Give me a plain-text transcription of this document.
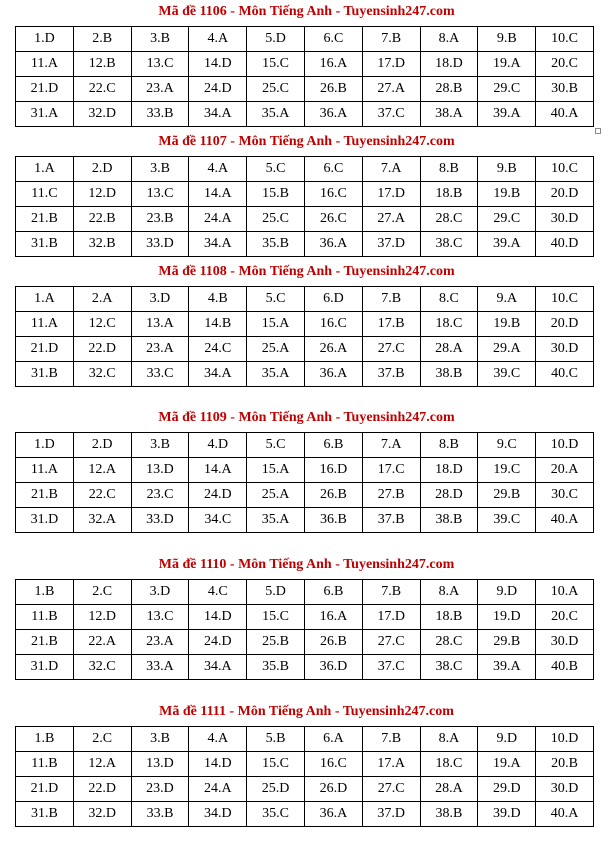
Mã đề 1106 - Môn Tiếng Anh - Tuyensinh247.com
1.D	2.B	3.B	4.A	5.D	6.C	7.B	8.A	9.B	10.C
11.A	12.B	13.C	14.D	15.C	16.A	17.D	18.D	19.A	20.C
21.D	22.C	23.A	24.D	25.C	26.B	27.A	28.B	29.C	30.B
31.A	32.D	33.B	34.A	35.A	36.A	37.C	38.A	39.A	40.A
Mã đề 1107 - Môn Tiếng Anh - Tuyensinh247.com
1.A	2.D	3.B	4.A	5.C	6.C	7.A	8.B	9.B	10.C
11.C	12.D	13.C	14.A	15.B	16.C	17.D	18.B	19.B	20.D
21.B	22.B	23.B	24.A	25.C	26.C	27.A	28.C	29.C	30.D
31.B	32.B	33.D	34.A	35.B	36.A	37.D	38.C	39.A	40.D
Mã đề 1108 - Môn Tiếng Anh - Tuyensinh247.com
1.A	2.A	3.D	4.B	5.C	6.D	7.B	8.C	9.A	10.C
11.A	12.C	13.A	14.B	15.A	16.C	17.B	18.C	19.B	20.D
21.D	22.D	23.A	24.C	25.A	26.A	27.C	28.A	29.A	30.D
31.B	32.C	33.C	34.A	35.A	36.A	37.B	38.B	39.C	40.C
Mã đề 1109 - Môn Tiếng Anh - Tuyensinh247.com
1.D	2.D	3.B	4.D	5.C	6.B	7.A	8.B	9.C	10.D
11.A	12.A	13.D	14.A	15.A	16.D	17.C	18.D	19.C	20.A
21.B	22.C	23.C	24.D	25.A	26.B	27.B	28.D	29.B	30.C
31.D	32.A	33.D	34.C	35.A	36.B	37.B	38.B	39.C	40.A
Mã đề 1110 - Môn Tiếng Anh - Tuyensinh247.com
1.B	2.C	3.D	4.C	5.D	6.B	7.B	8.A	9.D	10.A
11.B	12.D	13.C	14.D	15.C	16.A	17.D	18.B	19.D	20.C
21.B	22.A	23.A	24.D	25.B	26.B	27.C	28.C	29.B	30.D
31.D	32.C	33.A	34.A	35.B	36.D	37.C	38.C	39.A	40.B
Mã đề 1111 - Môn Tiếng Anh - Tuyensinh247.com
1.B	2.C	3.B	4.A	5.B	6.A	7.B	8.A	9.D	10.D
11.B	12.A	13.D	14.D	15.C	16.C	17.A	18.C	19.A	20.B
21.D	22.D	23.D	24.A	25.D	26.D	27.C	28.A	29.D	30.D
31.B	32.D	33.B	34.D	35.C	36.A	37.D	38.B	39.D	40.A
